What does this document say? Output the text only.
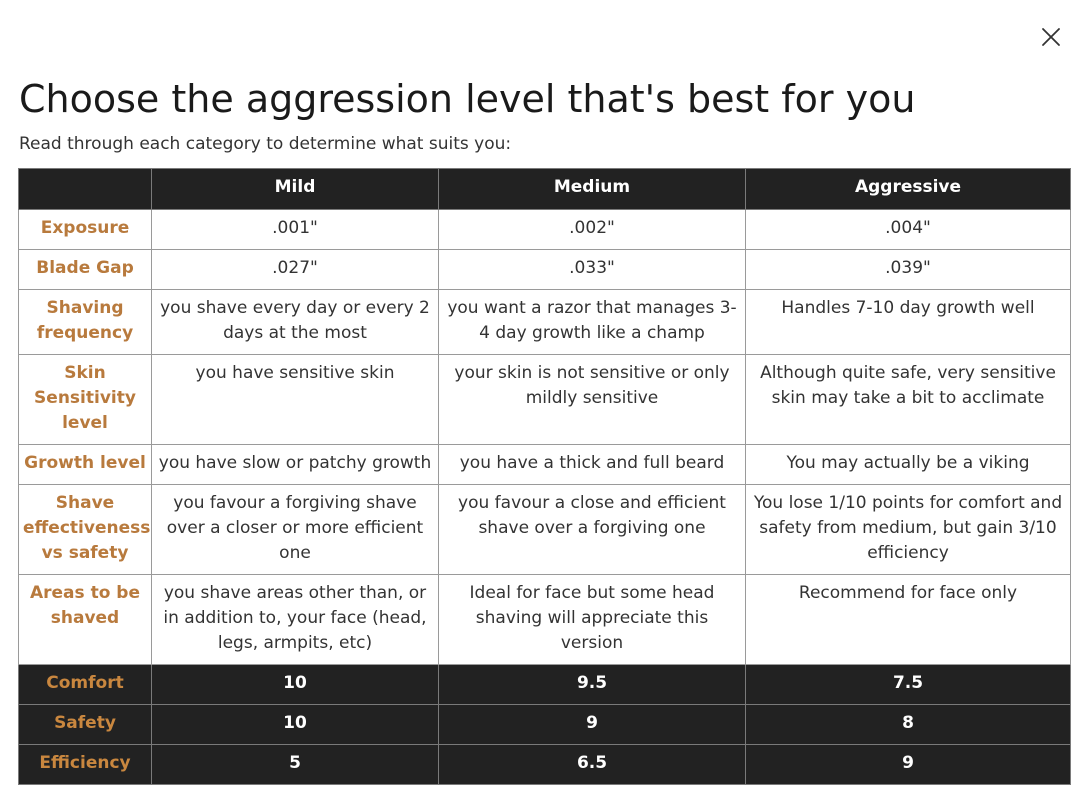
Choose the aggression level that's best for you

Read through each category to determine what suits you:

	Mild	Medium	Aggressive
Exposure	.001"	.002"	.004"
Blade Gap	.027"	.033"	.039"
Shaving frequency	you shave every day or every 2 days at the most	you want a razor that manages 3-4 day growth like a champ	Handles 7-10 day growth well
Skin Sensitivity level	you have sensitive skin	your skin is not sensitive or only mildly sensitive	Although quite safe, very sensitive skin may take a bit to acclimate
Growth level	you have slow or patchy growth	you have a thick and full beard	You may actually be a viking
Shave effectiveness vs safety	you favour a forgiving shave over a closer or more efficient one	you favour a close and efficient shave over a forgiving one	You lose 1/10 points for comfort and safety from medium, but gain 3/10 efficiency
Areas to be shaved	you shave areas other than, or in addition to, your face (head, legs, armpits, etc)	Ideal for face but some head shaving will appreciate this version	Recommend for face only
Comfort	10	9.5	7.5
Safety	10	9	8
Efficiency	5	6.5	9
